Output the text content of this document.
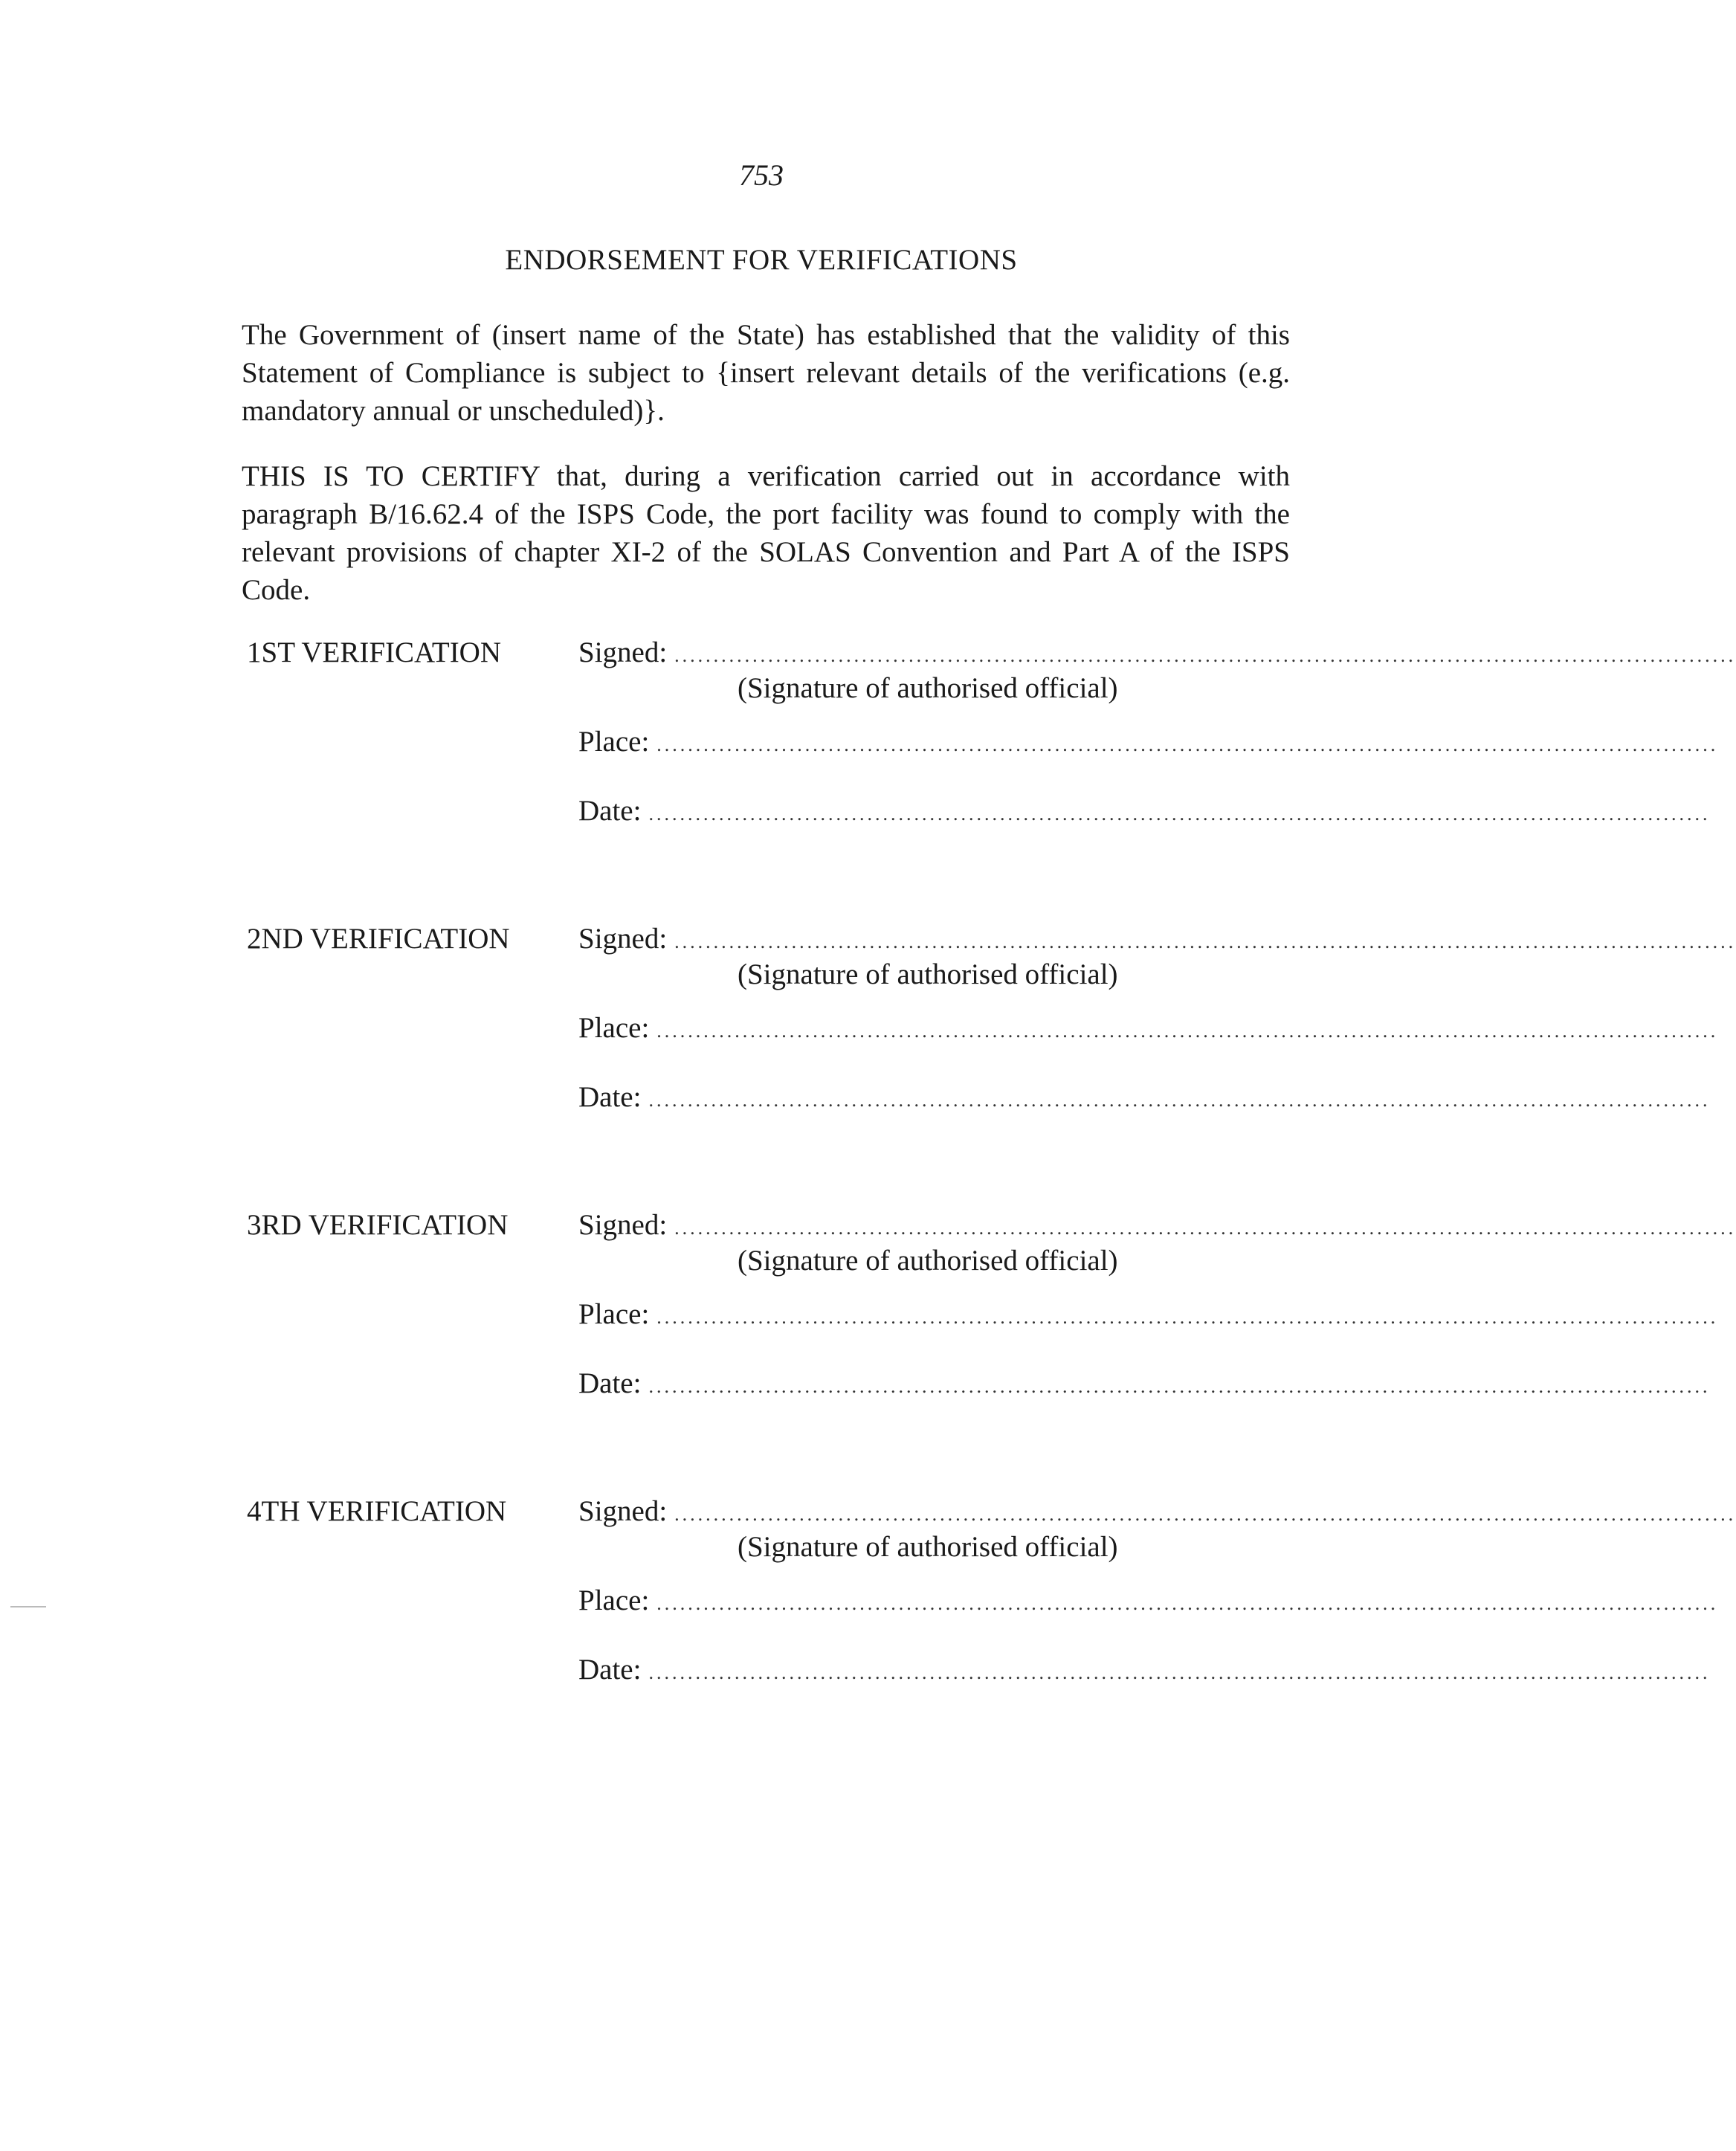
753
ENDORSEMENT FOR VERIFICATIONS

The Government of (insert name of the State) has established that the validity of this Statement of Compliance is subject to {insert relevant details of the verifications (e.g. mandatory annual or unscheduled)}.

THIS IS TO CERTIFY that, during a verification carried out in accordance with paragraph B/16.62.4 of the ISPS Code, the port facility was found to comply with the relevant provisions of chapter XI-2 of the SOLAS Convention and Part A of the ISPS Code.

1ST VERIFICATION	Signed: ........................................................................................................................................
(Signature of authorised official)
Place: ........................................................................................................................................
Date: ........................................................................................................................................
2ND VERIFICATION Signed: ........................................................................................................................................
(Signature of authorised official)
Place: ........................................................................................................................................
Date: ........................................................................................................................................
3RD VERIFICATION Signed: ........................................................................................................................................
(Signature of authorised official)
Place: ........................................................................................................................................
Date: ........................................................................................................................................
4TH VERIFICATION Signed: ........................................................................................................................................
(Signature of authorised official)
Place: ........................................................................................................................................
Date: ........................................................................................................................................
